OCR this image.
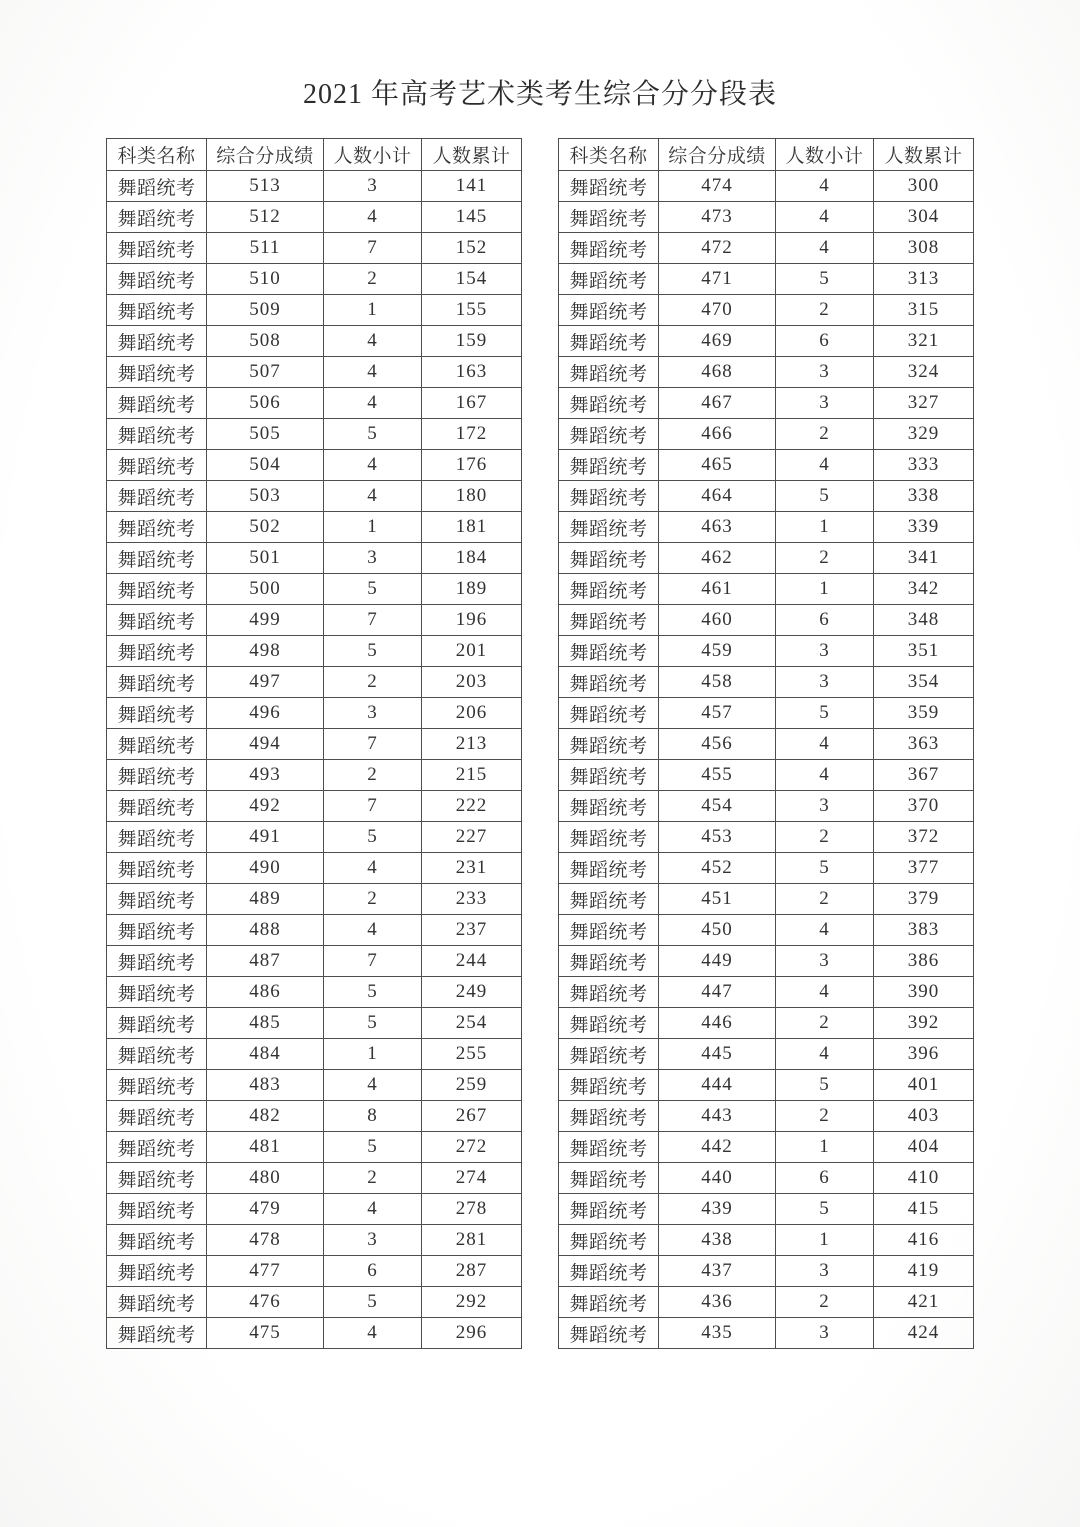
2021 年高考艺术类考生综合分分段表
科类名称	综合分成绩	人数小计	人数累计
舞蹈统考	513	3	141
舞蹈统考	512	4	145
舞蹈统考	511	7	152
舞蹈统考	510	2	154
舞蹈统考	509	1	155
舞蹈统考	508	4	159
舞蹈统考	507	4	163
舞蹈统考	506	4	167
舞蹈统考	505	5	172
舞蹈统考	504	4	176
舞蹈统考	503	4	180
舞蹈统考	502	1	181
舞蹈统考	501	3	184
舞蹈统考	500	5	189
舞蹈统考	499	7	196
舞蹈统考	498	5	201
舞蹈统考	497	2	203
舞蹈统考	496	3	206
舞蹈统考	494	7	213
舞蹈统考	493	2	215
舞蹈统考	492	7	222
舞蹈统考	491	5	227
舞蹈统考	490	4	231
舞蹈统考	489	2	233
舞蹈统考	488	4	237
舞蹈统考	487	7	244
舞蹈统考	486	5	249
舞蹈统考	485	5	254
舞蹈统考	484	1	255
舞蹈统考	483	4	259
舞蹈统考	482	8	267
舞蹈统考	481	5	272
舞蹈统考	480	2	274
舞蹈统考	479	4	278
舞蹈统考	478	3	281
舞蹈统考	477	6	287
舞蹈统考	476	5	292
舞蹈统考	475	4	296
科类名称	综合分成绩	人数小计	人数累计
舞蹈统考	474	4	300
舞蹈统考	473	4	304
舞蹈统考	472	4	308
舞蹈统考	471	5	313
舞蹈统考	470	2	315
舞蹈统考	469	6	321
舞蹈统考	468	3	324
舞蹈统考	467	3	327
舞蹈统考	466	2	329
舞蹈统考	465	4	333
舞蹈统考	464	5	338
舞蹈统考	463	1	339
舞蹈统考	462	2	341
舞蹈统考	461	1	342
舞蹈统考	460	6	348
舞蹈统考	459	3	351
舞蹈统考	458	3	354
舞蹈统考	457	5	359
舞蹈统考	456	4	363
舞蹈统考	455	4	367
舞蹈统考	454	3	370
舞蹈统考	453	2	372
舞蹈统考	452	5	377
舞蹈统考	451	2	379
舞蹈统考	450	4	383
舞蹈统考	449	3	386
舞蹈统考	447	4	390
舞蹈统考	446	2	392
舞蹈统考	445	4	396
舞蹈统考	444	5	401
舞蹈统考	443	2	403
舞蹈统考	442	1	404
舞蹈统考	440	6	410
舞蹈统考	439	5	415
舞蹈统考	438	1	416
舞蹈统考	437	3	419
舞蹈统考	436	2	421
舞蹈统考	435	3	424
